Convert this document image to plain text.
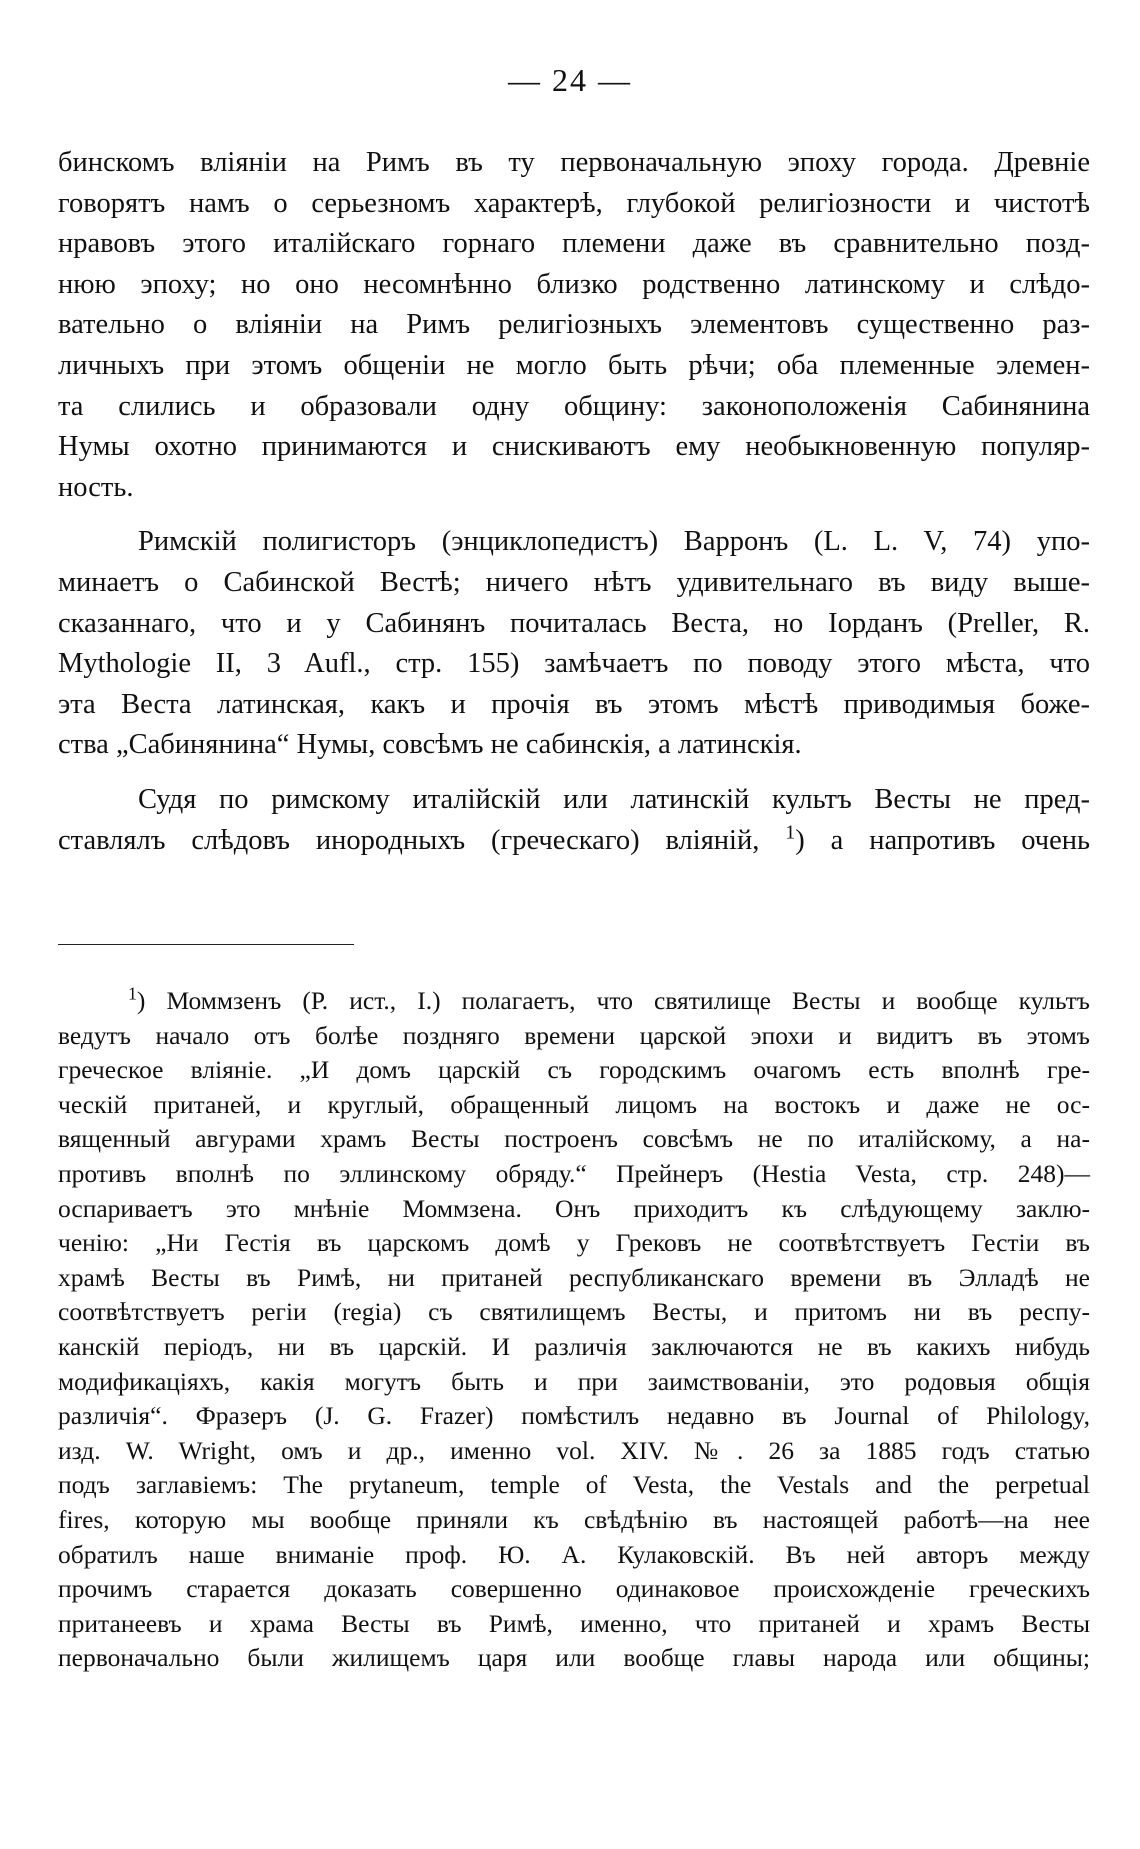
— 24 —
бинскомъ вліяніи на Римъ въ ту первоначальную эпоху города. Древніе
говорятъ намъ о серьезномъ характерѣ, глубокой религіозности и чистотѣ
нравовъ этого италійскаго горнаго племени даже въ сравнительно позд-
нюю эпоху; но оно несомнѣнно близко родственно латинскому и слѣдо-
вательно о вліяніи на Римъ религіозныхъ элементовъ существенно раз-
личныхъ при этомъ общеніи не могло быть рѣчи; оба племенные элемен-
та слились и образовали одну общину: законоположенія Сабинянина
Нумы охотно принимаются и снискиваютъ ему необыкновенную популяр-
ность.
Римскій полигисторъ (энциклопедистъ) Варронъ (L. L. V, 74) упо-
минаетъ о Сабинской Вестѣ; ничего нѣтъ удивительнаго въ виду выше-
сказаннаго, что и у Сабинянъ почиталась Веста, но Іорданъ (Preller, R.
Mythologie II, 3 Aufl., стр. 155) замѣчаетъ по поводу этого мѣста, что
эта Веста латинская, какъ и прочія въ этомъ мѣстѣ приводимыя боже-
ства „Сабинянина“ Нумы, совсѣмъ не сабинскія, а латинскія.
Судя по римскому италійскій или латинскій культъ Весты не пред-
ставлялъ слѣдовъ инородныхъ (греческаго) вліяній, $^1$) а напротивъ очень
$^1$) Моммзенъ (Р. ист., I.) полагаетъ, что святилище Весты и вообще культъ
ведутъ начало отъ болѣе поздняго времени царской эпохи и видитъ въ этомъ
греческое вліяніе. „И домъ царскій съ городскимъ очагомъ есть вполнѣ гре-
ческій пританей, и круглый, обращенный лицомъ на востокъ и даже не ос-
вященный авгурами храмъ Весты построенъ совсѣмъ не по италійскому, а на-
противъ вполнѣ по эллинскому обряду.“ Прейнеръ (Hestia Vesta, стр. 248)—
оспариваетъ это мнѣніе Моммзена. Онъ приходитъ къ слѣдующему заклю-
ченію: „Ни Гестія въ царскомъ домѣ у Грековъ не соотвѣтствуетъ Гестіи въ
храмѣ Весты въ Римѣ, ни пританей республиканскаго времени въ Элладѣ не
соотвѣтствуетъ регіи (regia) съ святилищемъ Весты, и притомъ ни въ респу-
канскій періодъ, ни въ царскій. И различія заключаются не въ какихъ нибудь
модификаціяхъ, какія могутъ быть и при заимствованіи, это родовыя общія
различія“. Фразеръ (J. G. Frazer) помѣстилъ недавно въ Journal of Philology,
изд. W. Wright, омъ и др., именно vol. XIV. №. 26 за 1885 годъ статью
подъ заглавіемъ: The prytaneum, temple of Vesta, the Vestals and the perpetual
fires, которую мы вообще приняли къ свѣдѣнію въ настоящей работѣ—на нее
обратилъ наше вниманіе проф. Ю. А. Кулаковскій. Въ ней авторъ между
прочимъ старается доказать совершенно одинаковое происхожденіе греческихъ
пританеевъ и храма Весты въ Римѣ, именно, что пританей и храмъ Весты
первоначально были жилищемъ царя или вообще главы народа или общины;
